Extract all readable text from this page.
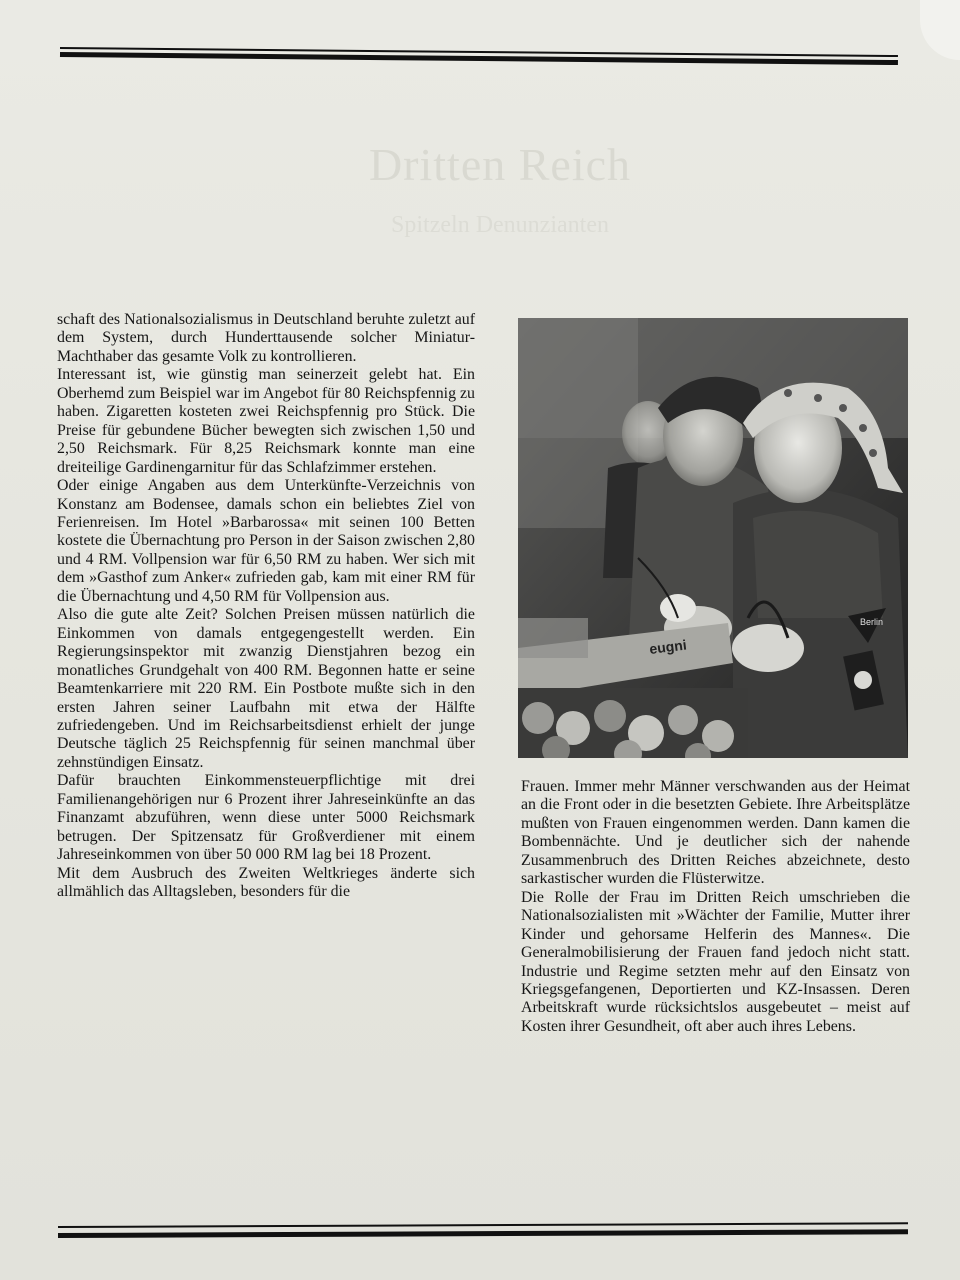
Dritten Reich
Spitzeln Denunzianten

schaft des Nationalsozialismus in Deutschland beruhte zuletzt auf dem System, durch Hunderttausende solcher Miniatur-Machthaber das gesamte Volk zu kontrollieren.

Interessant ist, wie günstig man seinerzeit gelebt hat. Ein Oberhemd zum Beispiel war im Angebot für 80 Reichspfennig zu haben. Zigaretten kosteten zwei Reichspfennig pro Stück. Die Preise für gebundene Bücher bewegten sich zwischen 1,50 und 2,50 Reichsmark. Für 8,25 Reichsmark konnte man eine dreiteilige Gardinengarnitur für das Schlafzimmer erstehen.

Oder einige Angaben aus dem Unterkünfte-Verzeichnis von Konstanz am Bodensee, damals schon ein beliebtes Ziel von Ferienreisen. Im Hotel »Barbarossa« mit seinen 100 Betten kostete die Übernachtung pro Person in der Saison zwischen 2,80 und 4 RM. Vollpension war für 6,50 RM zu haben. Wer sich mit dem »Gasthof zum Anker« zufrieden gab, kam mit einer RM für die Übernachtung und 4,50 RM für Vollpension aus.

Also die gute alte Zeit? Solchen Preisen müssen natürlich die Einkommen von damals entgegengestellt werden. Ein Regierungsinspektor mit zwanzig Dienstjahren bezog ein monatliches Grundgehalt von 400 RM. Begonnen hatte er seine Beamtenkarriere mit 220 RM. Ein Postbote mußte sich in den ersten Jahren seiner Laufbahn mit etwa der Hälfte zufriedengeben. Und im Reichsarbeitsdienst erhielt der junge Deutsche täglich 25 Reichspfennig für seinen manchmal über zehnstündigen Einsatz.

Dafür brauchten Einkommensteuerpflichtige mit drei Familienangehörigen nur 6 Prozent ihrer Jahreseinkünfte an das Finanzamt abzuführen, wenn diese unter 5000 Reichsmark betrugen. Der Spitzensatz für Großverdiener mit einem Jahreseinkommen von über 50 000 RM lag bei 18 Prozent.

Mit dem Ausbruch des Zweiten Weltkrieges änderte sich allmählich das Alltagsleben, besonders für die

Berlin
eugni

Frauen. Immer mehr Männer verschwanden aus der Heimat an die Front oder in die besetzten Gebiete. Ihre Arbeitsplätze mußten von Frauen eingenommen werden. Dann kamen die Bombennächte. Und je deutlicher sich der nahende Zusammenbruch des Dritten Reiches abzeichnete, desto sarkastischer wurden die Flüsterwitze.

Die Rolle der Frau im Dritten Reich umschrieben die Nationalsozialisten mit »Wächter der Familie, Mutter ihrer Kinder und gehorsame Helferin des Mannes«. Die Generalmobilisierung der Frauen fand jedoch nicht statt. Industrie und Regime setzten mehr auf den Einsatz von Kriegsgefangenen, Deportierten und KZ-Insassen. Deren Arbeitskraft wurde rücksichtslos ausgebeutet – meist auf Kosten ihrer Gesundheit, oft aber auch ihres Lebens.
